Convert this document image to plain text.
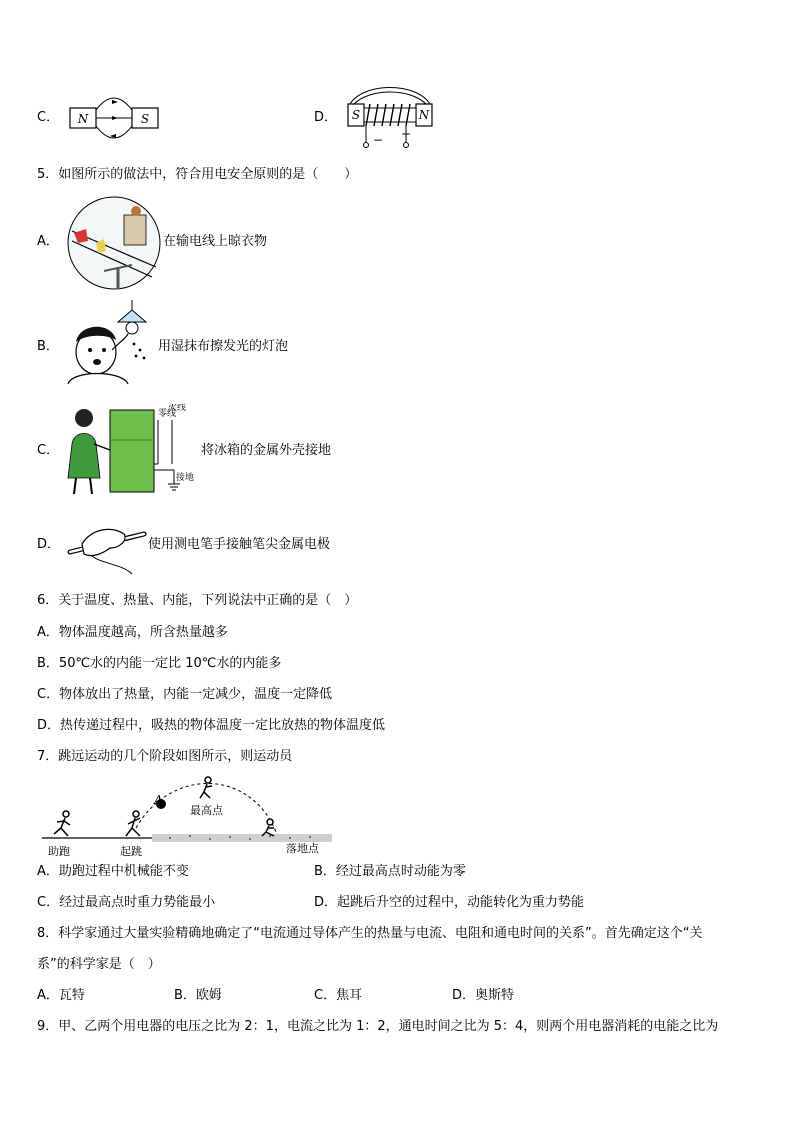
C． N	S	D． S	N
− +
5．如图所示的做法中，符合用电安全原则的是（　　）
A．	在输电线上晾衣物
B．	用湿抹布擦发光的灯泡
C．
零线
火线
接地
将冰箱的金属外壳接地
D．	使用测电笔手接触笔尖金属电极
6．关于温度、热量、内能，下列说法中正确的是（　）
A．物体温度越高，所含热量越多
B．50℃水的内能一定比 10℃水的内能多
C．物体放出了热量，内能一定减少，温度一定降低
D．热传递过程中，吸热的物体温度一定比放热的物体温度低
7．跳远运动的几个阶段如图所示，则运动员
A
最高点
助跑	起跳	落地点
A．助跑过程中机械能不变	B．经过最高点时动能为零
C．经过最高点时重力势能最小	D．起跳后升空的过程中，动能转化为重力势能
8．科学家通过大量实验精确地确定了“电流通过导体产生的热量与电流、电阻和通电时间的关系”。首先确定这个“关
系”的科学家是（　）
A．瓦特	B．欧姆	C．焦耳	D．奥斯特
9．甲、乙两个用电器的电压之比为 2：1，电流之比为 1：2，通电时间之比为 5：4，则两个用电器消耗的电能之比为
